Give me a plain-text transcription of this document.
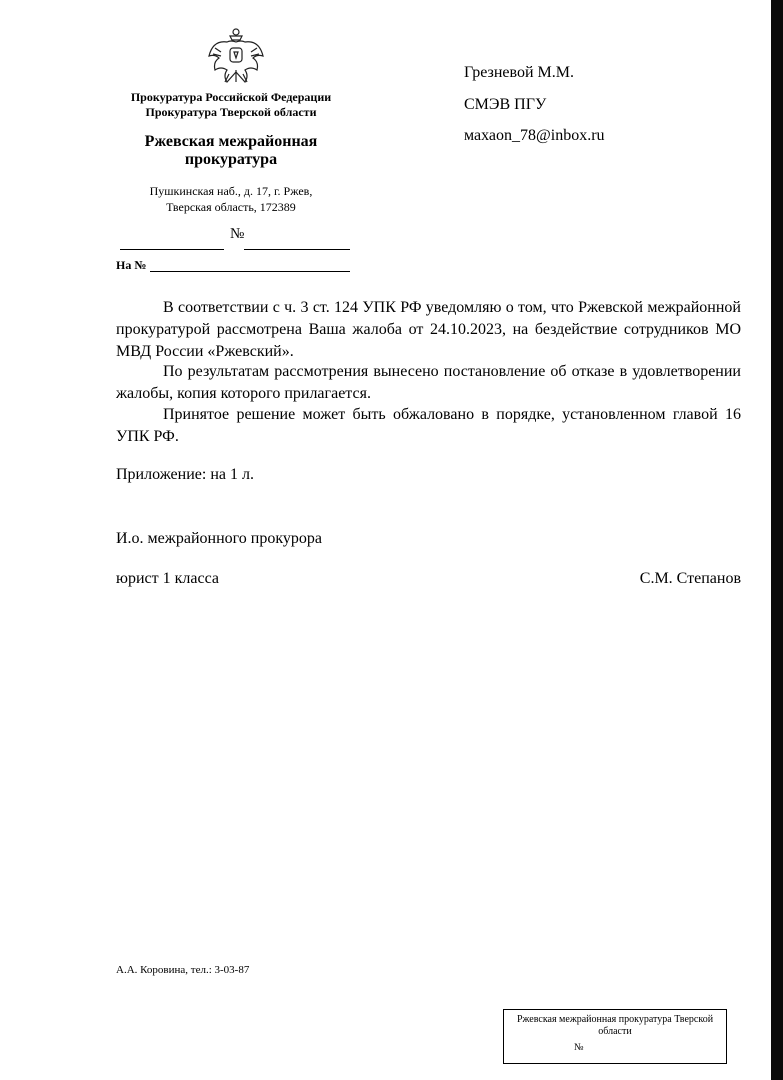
Прокуратура Российской Федерации
Прокуратура Тверской области
Ржевская межрайонная
прокуратура
Пушкинская наб., д. 17, г. Ржев,
Тверская область, 172389
№
На №
Грезневой М.М.
СМЭВ ПГУ
махаоn_78@inbox.ru

В соответствии с ч. 3 ст. 124 УПК РФ уведомляю о том, что Ржевской межрайонной прокуратурой рассмотрена Ваша жалоба от 24.10.2023, на бездействие сотрудников МО МВД России «Ржевский».

По результатам рассмотрения вынесено постановление об отказе в удовлетворении жалобы, копия которого прилагается.

Принятое решение может быть обжаловано в порядке, установленном главой 16 УПК РФ.

Приложение: на 1 л.
И.о. межрайонного прокурора
юрист 1 класса	С.М. Степанов
А.А. Коровина, тел.: 3-03-87
Ржевская межрайонная прокуратура Тверской области
№
